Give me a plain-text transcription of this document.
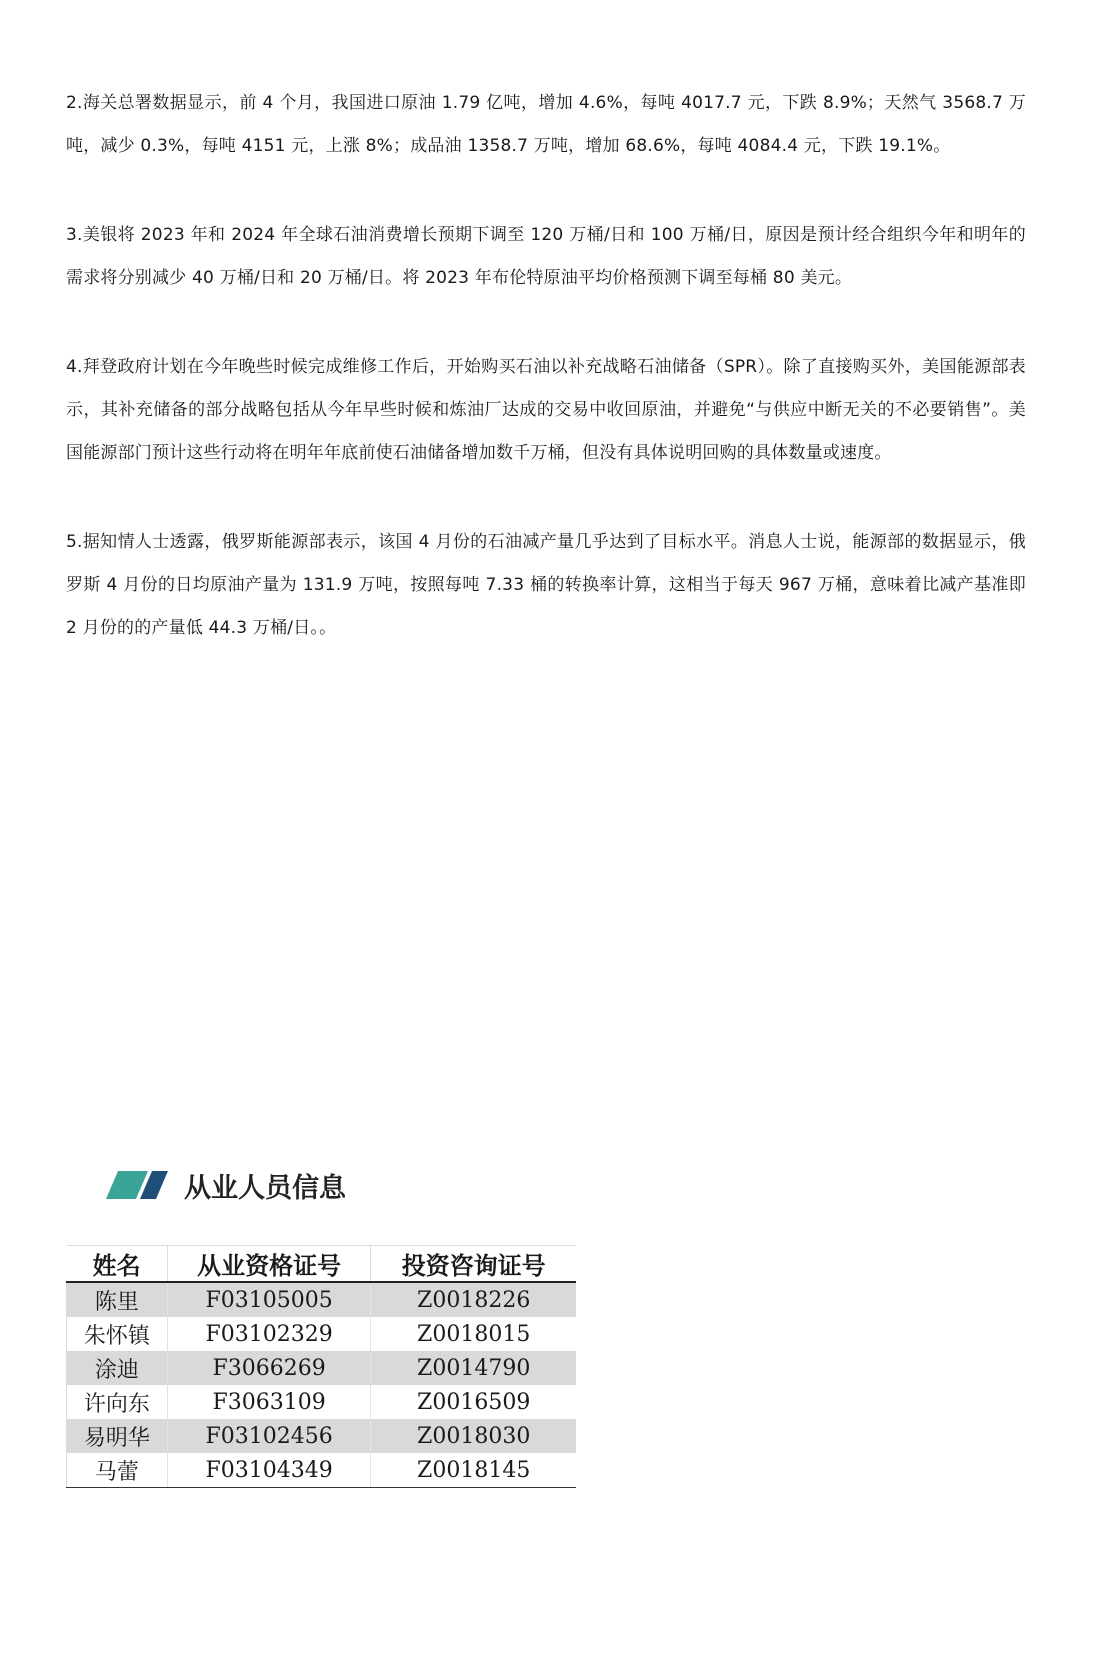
2.海关总署数据显示，前 4 个月，我国进口原油 1.79 亿吨，增加 4.6%，每吨 4017.7 元，下跌 8.9%；天然气 3568.7 万吨，减少 0.3%，每吨 4151 元，上涨 8%；成品油 1358.7 万吨，增加 68.6%，每吨 4084.4 元，下跌 19.1%。

3.美银将 2023 年和 2024 年全球石油消费增长预期下调至 120 万桶/日和 100 万桶/日，原因是预计经合组织今年和明年的需求将分别减少 40 万桶/日和 20 万桶/日。将 2023 年布伦特原油平均价格预测下调至每桶 80 美元。

4.拜登政府计划在今年晚些时候完成维修工作后，开始购买石油以补充战略石油储备（SPR）。除了直接购买外，美国能源部表示，其补充储备的部分战略包括从今年早些时候和炼油厂达成的交易中收回原油，并避免“与供应中断无关的不必要销售”。美国能源部门预计这些行动将在明年年底前使石油储备增加数千万桶，但没有具体说明回购的具体数量或速度。

5.据知情人士透露，俄罗斯能源部表示，该国 4 月份的石油减产量几乎达到了目标水平。消息人士说，能源部的数据显示，俄罗斯 4 月份的日均原油产量为 131.9 万吨，按照每吨 7.33 桶的转换率计算，这相当于每天 967 万桶，意味着比减产基准即 2 月份的的产量低 44.3 万桶/日。。

从业人员信息
姓名	从业资格证号	投资咨询证号
陈里	F03105005	Z0018226
朱怀镇	F03102329	Z0018015
涂迪	F3066269	Z0014790
许向东	F3063109	Z0016509
易明华	F03102456	Z0018030
马蕾	F03104349	Z0018145
